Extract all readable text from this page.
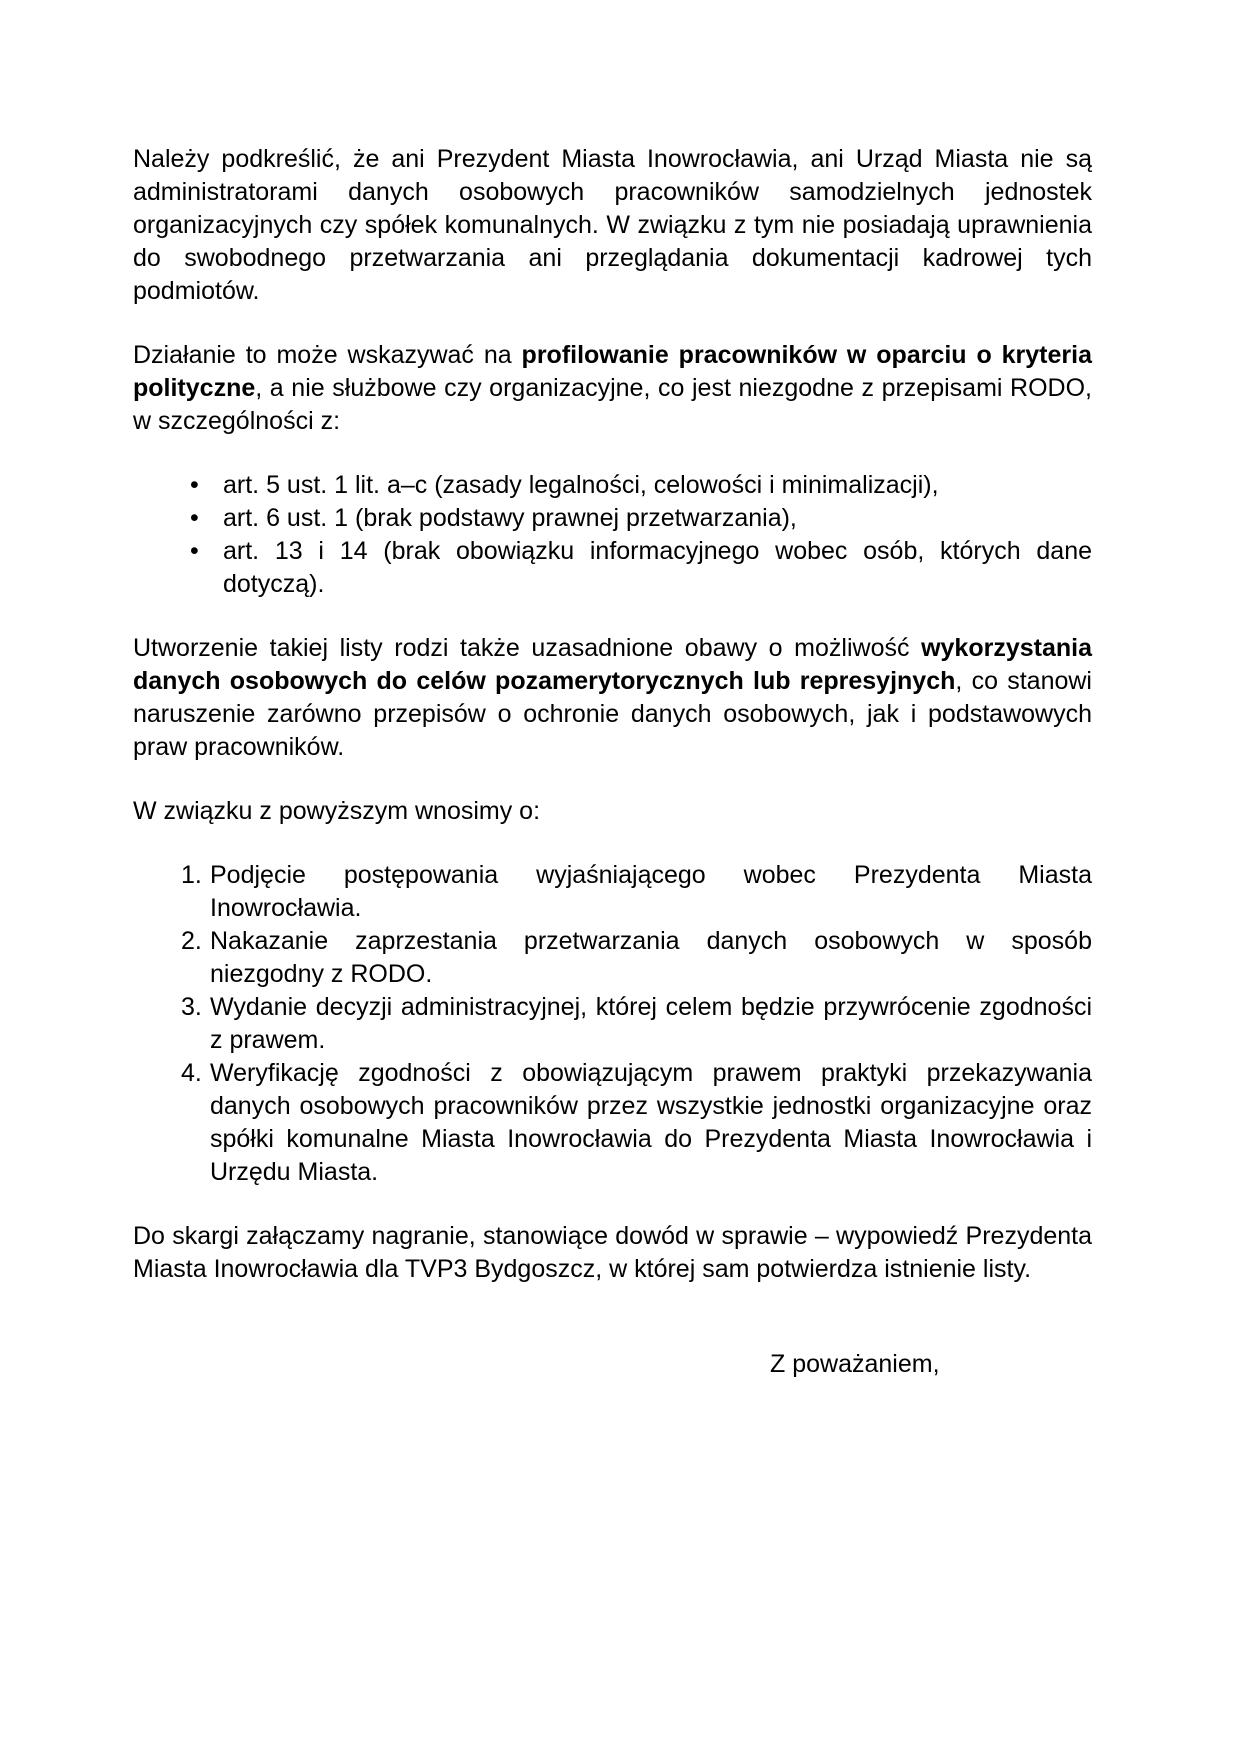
Należy podkreślić, że ani Prezydent Miasta Inowrocławia, ani Urząd Miasta nie są administratorami danych osobowych pracowników samodzielnych jednostek organizacyjnych czy spółek komunalnych. W związku z tym nie posiadają uprawnienia do swobodnego przetwarzania ani przeglądania dokumentacji kadrowej tych podmiotów.

Działanie to może wskazywać na profilowanie pracowników w oparciu o kryteria polityczne, a nie służbowe czy organizacyjne, co jest niezgodne z przepisami RODO, w szczególności z:

• art. 5 ust. 1 lit. a–c (zasady legalności, celowości i minimalizacji),
• art. 6 ust. 1 (brak podstawy prawnej przetwarzania),
• art. 13 i 14 (brak obowiązku informacyjnego wobec osób, których dane dotyczą).

Utworzenie takiej listy rodzi także uzasadnione obawy o możliwość wykorzystania danych osobowych do celów pozamerytorycznych lub represyjnych, co stanowi naruszenie zarówno przepisów o ochronie danych osobowych, jak i podstawowych praw pracowników.

W związku z powyższym wnosimy o:

1. Podjęcie postępowania wyjaśniającego wobec Prezydenta Miasta Inowrocławia.
2. Nakazanie zaprzestania przetwarzania danych osobowych w sposób niezgodny z RODO.
3. Wydanie decyzji administracyjnej, której celem będzie przywrócenie zgodności z prawem.
4. Weryfikację zgodności z obowiązującym prawem praktyki przekazywania danych osobowych pracowników przez wszystkie jednostki organizacyjne oraz spółki komunalne Miasta Inowrocławia do Prezydenta Miasta Inowrocławia i Urzędu Miasta.

Do skargi załączamy nagranie, stanowiące dowód w sprawie – wypowiedź Prezydenta Miasta Inowrocławia dla TVP3 Bydgoszcz, w której sam potwierdza istnienie listy.

Z poważaniem,
